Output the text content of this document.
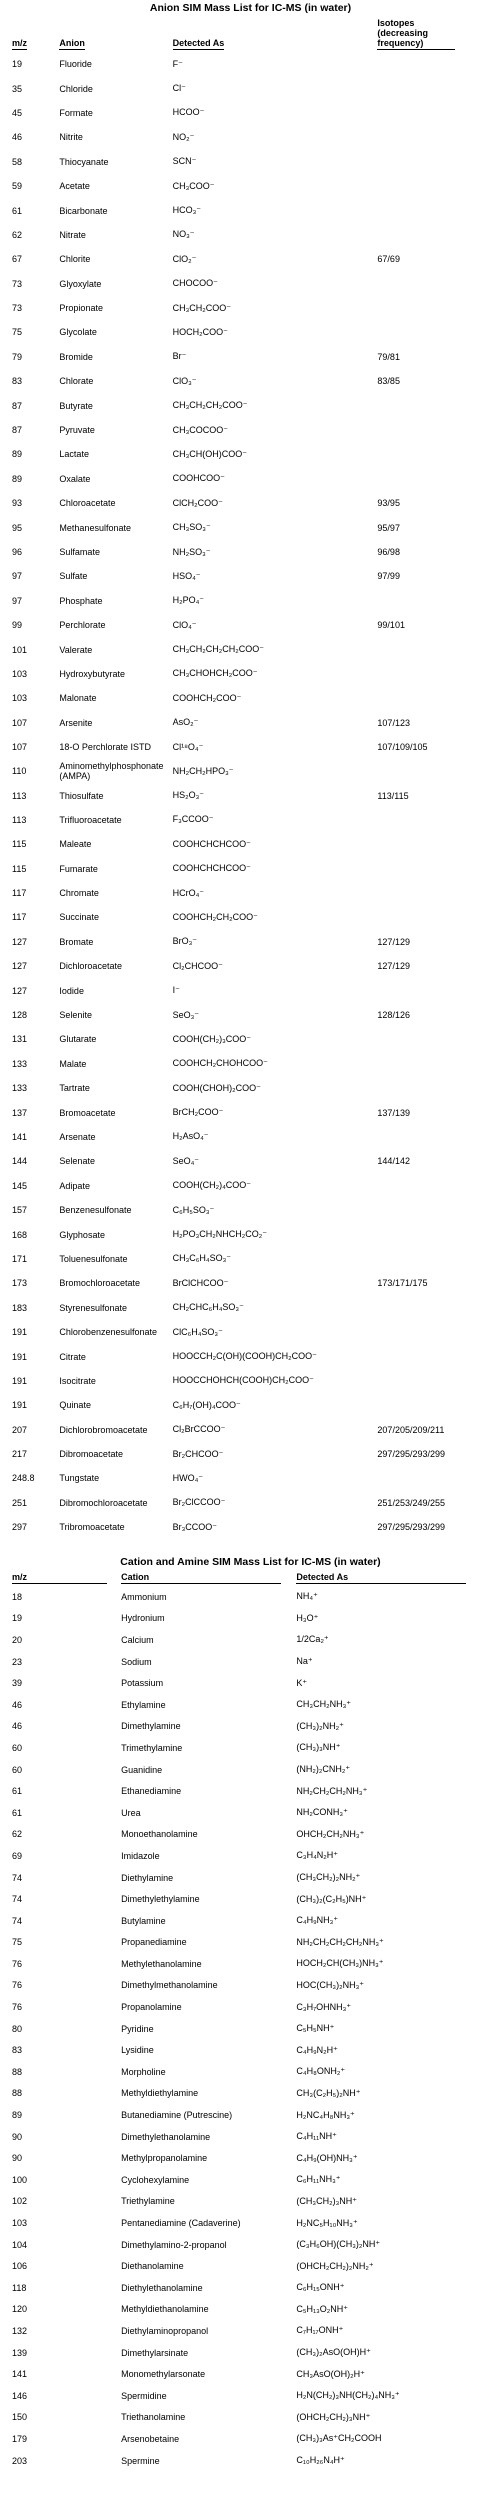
Anion SIM Mass List for IC-MS (in water)
m/z	Anion	Detected As	Isotopes (decreasing frequency)
19	Fluoride	F⁻	
35	Chloride	Cl⁻	
45	Formate	HCOO⁻	
46	Nitrite	NO₂⁻	
58	Thiocyanate	SCN⁻	
59	Acetate	CH₃COO⁻	
61	Bicarbonate	HCO₃⁻	
62	Nitrate	NO₃⁻	
67	Chlorite	ClO₂⁻	67/69
73	Glyoxylate	CHOCOO⁻	
73	Propionate	CH₃CH₂COO⁻	
75	Glycolate	HOCH₂COO⁻	
79	Bromide	Br⁻	79/81
83	Chlorate	ClO₃⁻	83/85
87	Butyrate	CH₃CH₂CH₂COO⁻	
87	Pyruvate	CH₃COCOO⁻	
89	Lactate	CH₃CH(OH)COO⁻	
89	Oxalate	COOHCOO⁻	
93	Chloroacetate	ClCH₂COO⁻	93/95
95	Methanesulfonate	CH₃SO₃⁻	95/97
96	Sulfamate	NH₂SO₃⁻	96/98
97	Sulfate	HSO₄⁻	97/99
97	Phosphate	H₂PO₄⁻	
99	Perchlorate	ClO₄⁻	99/101
101	Valerate	CH₃CH₂CH₂CH₂COO⁻	
103	Hydroxybutyrate	CH₃CHOHCH₂COO⁻	
103	Malonate	COOHCH₂COO⁻	
107	Arsenite	AsO₂⁻	107/123
107	18-O Perchlorate ISTD	Cl¹⁸O₄⁻	107/109/105
110	Aminomethylphosphonate (AMPA)	NH₂CH₂HPO₃⁻	
113	Thiosulfate	HS₂O₃⁻	113/115
113	Trifluoroacetate	F₃CCOO⁻	
115	Maleate	COOHCHCHCOO⁻	
115	Fumarate	COOHCHCHCOO⁻	
117	Chromate	HCrO₄⁻	
117	Succinate	COOHCH₂CH₂COO⁻	
127	Bromate	BrO₃⁻	127/129
127	Dichloroacetate	Cl₂CHCOO⁻	127/129
127	Iodide	I⁻	
128	Selenite	SeO₃⁻	128/126
131	Glutarate	COOH(CH₂)₃COO⁻	
133	Malate	COOHCH₂CHOHCOO⁻	
133	Tartrate	COOH(CHOH)₂COO⁻	
137	Bromoacetate	BrCH₂COO⁻	137/139
141	Arsenate	H₂AsO₄⁻	
144	Selenate	SeO₄⁻	144/142
145	Adipate	COOH(CH₂)₄COO⁻	
157	Benzenesulfonate	C₆H₅SO₃⁻	
168	Glyphosate	H₂PO₃CH₂NHCH₂CO₂⁻	
171	Toluenesulfonate	CH₃C₆H₄SO₃⁻	
173	Bromochloroacetate	BrClCHCOO⁻	173/171/175
183	Styrenesulfonate	CH₂CHC₆H₄SO₃⁻	
191	Chlorobenzenesulfonate	ClC₆H₄SO₃⁻	
191	Citrate	HOOCCH₂C(OH)(COOH)CH₂COO⁻	
191	Isocitrate	HOOCCHOHCH(COOH)CH₂COO⁻	
191	Quinate	C₆H₇(OH)₄COO⁻	
207	Dichlorobromoacetate	Cl₂BrCCOO⁻	207/205/209/211
217	Dibromoacetate	Br₂CHCOO⁻	297/295/293/299
248.8	Tungstate	HWO₄⁻	
251	Dibromochloroacetate	Br₂ClCCOO⁻	251/253/249/255
297	Tribromoacetate	Br₃CCOO⁻	297/295/293/299
Cation and Amine SIM Mass List for IC-MS (in water)
m/z	Cation	Detected As
18	Ammonium	NH₄⁺
19	Hydronium	H₃O⁺
20	Calcium	1/2Ca₂⁺
23	Sodium	Na⁺
39	Potassium	K⁺
46	Ethylamine	CH₃CH₂NH₃⁺
46	Dimethylamine	(CH₃)₂NH₂⁺
60	Trimethylamine	(CH₃)₃NH⁺
60	Guanidine	(NH₂)₂CNH₂⁺
61	Ethanediamine	NH₂CH₂CH₂NH₃⁺
61	Urea	NH₂CONH₃⁺
62	Monoethanolamine	OHCH₂CH₂NH₃⁺
69	Imidazole	C₃H₄N₂H⁺
74	Diethylamine	(CH₃CH₂)₂NH₂⁺
74	Dimethylethylamine	(CH₃)₂(C₂H₅)NH⁺
74	Butylamine	C₄H₉NH₃⁺
75	Propanediamine	NH₂CH₂CH₂CH₂NH₃⁺
76	Methylethanolamine	HOCH₂CH(CH₃)NH₃⁺
76	Dimethylmethanolamine	HOC(CH₃)₂NH₃⁺
76	Propanolamine	C₃H₇OHNH₃⁺
80	Pyridine	C₅H₅NH⁺
83	Lysidine	C₄H₉N₂H⁺
88	Morpholine	C₄H₈ONH₂⁺
88	Methyldiethylamine	CH₃(C₂H₅)₂NH⁺
89	Butanediamine (Putrescine)	H₂NC₄H₈NH₃⁺
90	Dimethylethanolamine	C₄H₁₁NH⁺
90	Methylpropanolamine	C₄H₉(OH)NH₃⁺
100	Cyclohexylamine	C₆H₁₁NH₃⁺
102	Triethylamine	(CH₃CH₂)₃NH⁺
103	Pentanediamine (Cadaverine)	H₂NC₅H₁₀NH₃⁺
104	Dimethylamino-2-propanol	(C₃H₆OH)(CH₃)₂NH⁺
106	Diethanolamine	(OHCH₂CH₂)₂NH₂⁺
118	Diethylethanolamine	C₆H₁₅ONH⁺
120	Methyldiethanolamine	C₅H₁₃O₂NH⁺
132	Diethylaminopropanol	C₇H₁₇ONH⁺
139	Dimethylarsinate	(CH₃)₂AsO(OH)H⁺
141	Monomethylarsonate	CH₃AsO(OH)₂H⁺
146	Spermidine	H₂N(CH₂)₃NH(CH₂)₄NH₃⁺
150	Triethanolamine	(OHCH₂CH₂)₃NH⁺
179	Arsenobetaine	(CH₃)₃As⁺CH₂COOH
203	Spermine	C₁₀H₂₆N₄H⁺
